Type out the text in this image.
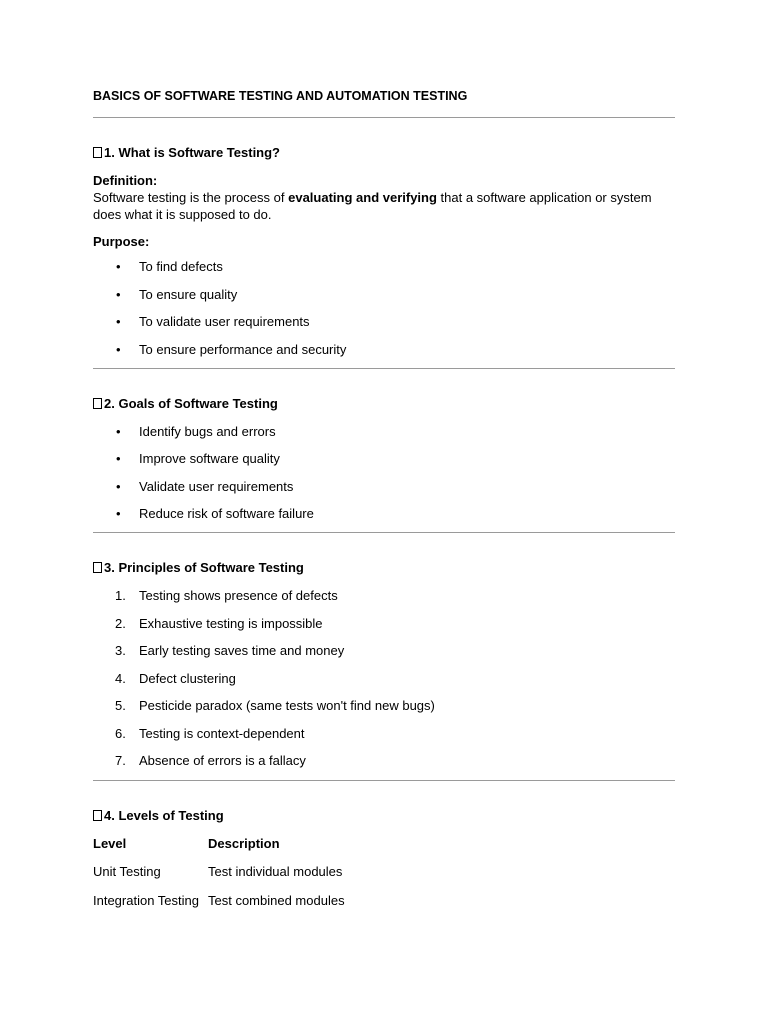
BASICS OF SOFTWARE TESTING AND AUTOMATION TESTING

1. What is Software Testing?

Definition:

Software testing is the process of evaluating and verifying that a software application or system does what it is supposed to do.

Purpose:

•	To find defects
•	To ensure quality
•	To validate user requirements
•	To ensure performance and security
2. Goals of Software Testing
•	Identify bugs and errors
•	Improve software quality
•	Validate user requirements
•	Reduce risk of software failure
3. Principles of Software Testing
1.	Testing shows presence of defects
2.	Exhaustive testing is impossible
3.	Early testing saves time and money
4.	Defect clustering
5.	Pesticide paradox (same tests won't find new bugs)
6.	Testing is context-dependent
7.	Absence of errors is a fallacy
4. Levels of Testing
Level	Description
Unit Testing	Test individual modules
Integration Testing	Test combined modules
